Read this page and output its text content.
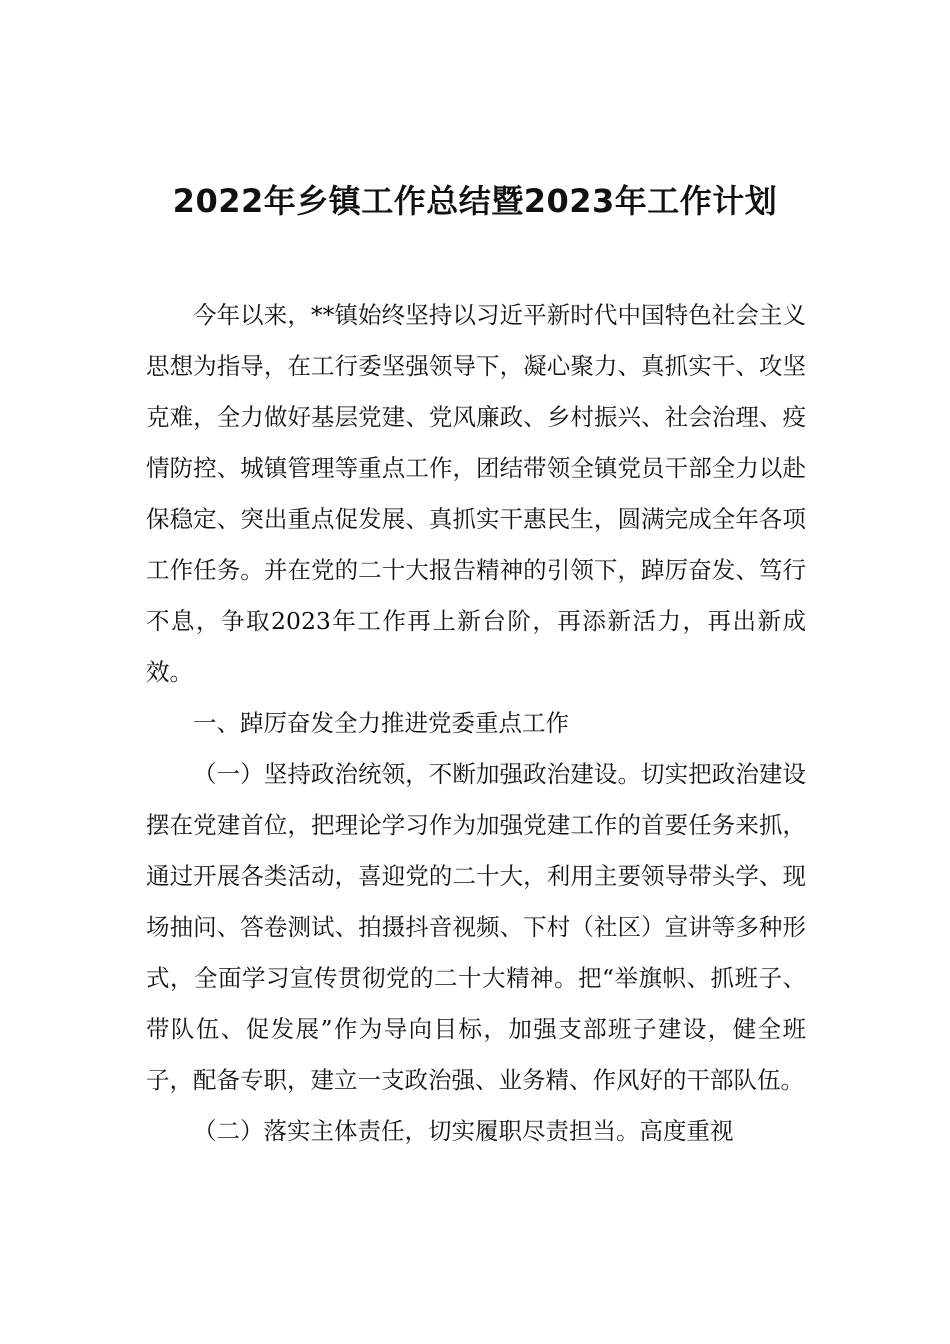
2022年乡镇工作总结暨2023年工作计划

今年以来，**镇始终坚持以习近平新时代中国特色社会主义思想为指导，在工行委坚强领导下，凝心聚力、真抓实干、攻坚克难，全力做好基层党建、党风廉政、乡村振兴、社会治理、疫情防控、城镇管理等重点工作，团结带领全镇党员干部全力以赴保稳定、突出重点促发展、真抓实干惠民生，圆满完成全年各项工作任务。并在党的二十大报告精神的引领下，踔厉奋发、笃行不息，争取2023年工作再上新台阶，再添新活力，再出新成效。

一、踔厉奋发全力推进党委重点工作

（一）坚持政治统领，不断加强政治建设。切实把政治建设摆在党建首位，把理论学习作为加强党建工作的首要任务来抓，通过开展各类活动，喜迎党的二十大，利用主要领导带头学、现场抽问、答卷测试、拍摄抖音视频、下村（社区）宣讲等多种形式，全面学习宣传贯彻党的二十大精神。把“举旗帜、抓班子、带队伍、促发展”作为导向目标，加强支部班子建设，健全班子，配备专职，建立一支政治强、业务精、作风好的干部队伍。

（二）落实主体责任，切实履职尽责担当。高度重视
